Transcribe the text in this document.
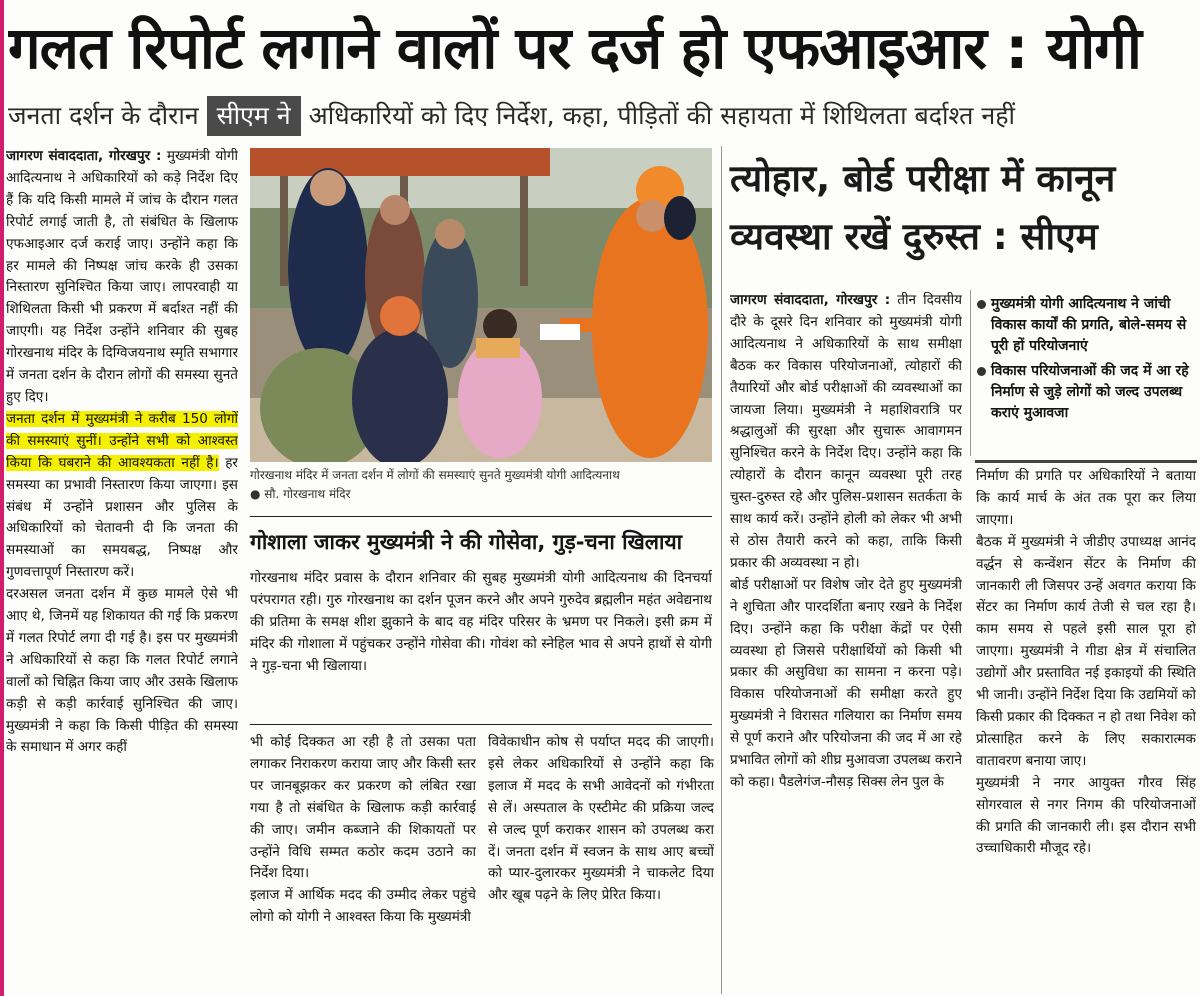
गलत रिपोर्ट लगाने वालों पर दर्ज हो एफआइआर : योगी
जनता दर्शन के दौरान सीएम ने अधिकारियों को दिए निर्देश, कहा, पीड़ितों की सहायता में शिथिलता बर्दाश्त नहीं

जागरण संवाददाता, गोरखपुर : मुख्यमंत्री योगी आदित्यनाथ ने अधिकारियों को कड़े निर्देश दिए हैं कि यदि किसी मामले में जांच के दौरान गलत रिपोर्ट लगाई जाती है, तो संबंधित के खिलाफ एफआइआर दर्ज कराई जाए। उन्होंने कहा कि हर मामले की निष्पक्ष जांच करके ही उसका निस्तारण सुनिश्चित किया जाए। लापरवाही या शिथिलता किसी भी प्रकरण में बर्दाश्त नहीं की जाएगी। यह निर्देश उन्होंने शनिवार की सुबह गोरखनाथ मंदिर के दिग्विजयनाथ स्मृति सभागार में जनता दर्शन के दौरान लोगों की समस्या सुनते हुए दिए।

जनता दर्शन में मुख्यमंत्री ने करीब 150 लोगों की समस्याएं सुनीं। उन्होंने सभी को आश्वस्त किया कि घबराने की आवश्यकता नहीं है। हर समस्या का प्रभावी निस्तारण किया जाएगा। इस संबंध में उन्होंने प्रशासन और पुलिस के अधिकारियों को चेतावनी दी कि जनता की समस्याओं का समयबद्ध, निष्पक्ष और गुणवत्तापूर्ण निस्तारण करें।

दरअसल जनता दर्शन में कुछ मामले ऐसे भी आए थे, जिनमें यह शिकायत की गई कि प्रकरण में गलत रिपोर्ट लगा दी गई है। इस पर मुख्यमंत्री ने अधिकारियों से कहा कि गलत रिपोर्ट लगाने वालों को चिह्नित किया जाए और उसके खिलाफ कड़ी से कड़ी कार्रवाई सुनिश्चित की जाए। मुख्यमंत्री ने कहा कि किसी पीड़ित की समस्या के समाधान में अगर कहीं

गोरखनाथ मंदिर में जनता दर्शन में लोगों की समस्याएं सुनते मुख्यमंत्री योगी आदित्यनाथ
● सौ. गोरखनाथ मंदिर
गोशाला जाकर मुख्यमंत्री ने की गोसेवा, गुड़-चना खिलाया
गोरखनाथ मंदिर प्रवास के दौरान शनिवार की सुबह मुख्यमंत्री योगी आदित्यनाथ की दिनचर्या परंपरागत रही। गुरु गोरखनाथ का दर्शन पूजन करने और अपने गुरुदेव ब्रह्मलीन महंत अवेद्यनाथ की प्रतिमा के समक्ष शीश झुकाने के बाद वह मंदिर परिसर के भ्रमण पर निकले। इसी क्रम में मंदिर की गोशाला में पहुंचकर उन्होंने गोसेवा की। गोवंश को स्नेहिल भाव से अपने हाथों से योगी ने गुड़-चना भी खिलाया।

भी कोई दिक्कत आ रही है तो उसका पता लगाकर निराकरण कराया जाए और किसी स्तर पर जानबूझकर कर प्रकरण को लंबित रखा गया है तो संबंधित के खिलाफ कड़ी कार्रवाई की जाए। जमीन कब्जाने की शिकायतों पर उन्होंने विधि सम्मत कठोर कदम उठाने का निर्देश दिया।

इलाज में आर्थिक मदद की उम्मीद लेकर पहुंचे लोगो को योगी ने आश्वस्त किया कि मुख्यमंत्री

विवेकाधीन कोष से पर्याप्त मदद की जाएगी। इसे लेकर अधिकारियों से उन्होंने कहा कि इलाज में मदद के सभी आवेदनों को गंभीरता से लें। अस्पताल के एस्टीमेट की प्रक्रिया जल्द से जल्द पूर्ण कराकर शासन को उपलब्ध करा दें। जनता दर्शन में स्वजन के साथ आए बच्चों को प्यार-दुलारकर मुख्यमंत्री ने चाकलेट दिया और खूब पढ़ने के लिए प्रेरित किया।
त्योहार, बोर्ड परीक्षा में कानून व्यवस्था रखें दुरुस्त : सीएम

जागरण संवाददाता, गोरखपुर : तीन दिवसीय दौरे के दूसरे दिन शनिवार को मुख्यमंत्री योगी आदित्यनाथ ने अधिकारियों के साथ समीक्षा बैठक कर विकास परियोजनाओं, त्योहारों की तैयारियों और बोर्ड परीक्षाओं की व्यवस्थाओं का जायजा लिया। मुख्यमंत्री ने महाशिवरात्रि पर श्रद्धालुओं की सुरक्षा और सुचारू आवागमन सुनिश्चित करने के निर्देश दिए। उन्होंने कहा कि त्योहारों के दौरान कानून व्यवस्था पूरी तरह चुस्त-दुरुस्त रहे और पुलिस-प्रशासन सतर्कता के साथ कार्य करें। उन्होंने होली को लेकर भी अभी से ठोस तैयारी करने को कहा, ताकि किसी प्रकार की अव्यवस्था न हो।

बोर्ड परीक्षाओं पर विशेष जोर देते हुए मुख्यमंत्री ने शुचिता और पारदर्शिता बनाए रखने के निर्देश दिए। उन्होंने कहा कि परीक्षा केंद्रों पर ऐसी व्यवस्था हो जिससे परीक्षार्थियों को किसी भी प्रकार की असुविधा का सामना न करना पड़े। विकास परियोजनाओं की समीक्षा करते हुए मुख्यमंत्री ने विरासत गलियारा का निर्माण समय से पूर्ण कराने और परियोजना की जद में आ रहे प्रभावित लोगों को शीघ्र मुआवजा उपलब्ध कराने को कहा। पैडलेगंज-नौसड़ सिक्स लेन पुल के

मुख्यमंत्री योगी आदित्यनाथ ने जांची विकास कार्यों की प्रगति, बोले-समय से पूरी हों परियोजनाएं
विकास परियोजनाओं की जद में आ रहे निर्माण से जुड़े लोगों को जल्द उपलब्ध कराएं मुआवजा

निर्माण की प्रगति पर अधिकारियों ने बताया कि कार्य मार्च के अंत तक पूरा कर लिया जाएगा।

बैठक में मुख्यमंत्री ने जीडीए उपाध्यक्ष आनंद वर्द्धन से कन्वेंशन सेंटर के निर्माण की जानकारी ली जिसपर उन्हें अवगत कराया कि सेंटर का निर्माण कार्य तेजी से चल रहा है। काम समय से पहले इसी साल पूरा हो जाएगा। मुख्यमंत्री ने गीडा क्षेत्र में संचालित उद्योगों और प्रस्तावित नई इकाइयों की स्थिति भी जानी। उन्होंने निर्देश दिया कि उद्यमियों को किसी प्रकार की दिक्कत न हो तथा निवेश को प्रोत्साहित करने के लिए सकारात्मक वातावरण बनाया जाए।

मुख्यमंत्री ने नगर आयुक्त गौरव सिंह सोगरवाल से नगर निगम की परियोजनाओं की प्रगति की जानकारी ली। इस दौरान सभी उच्चाधिकारी मौजूद रहे।
